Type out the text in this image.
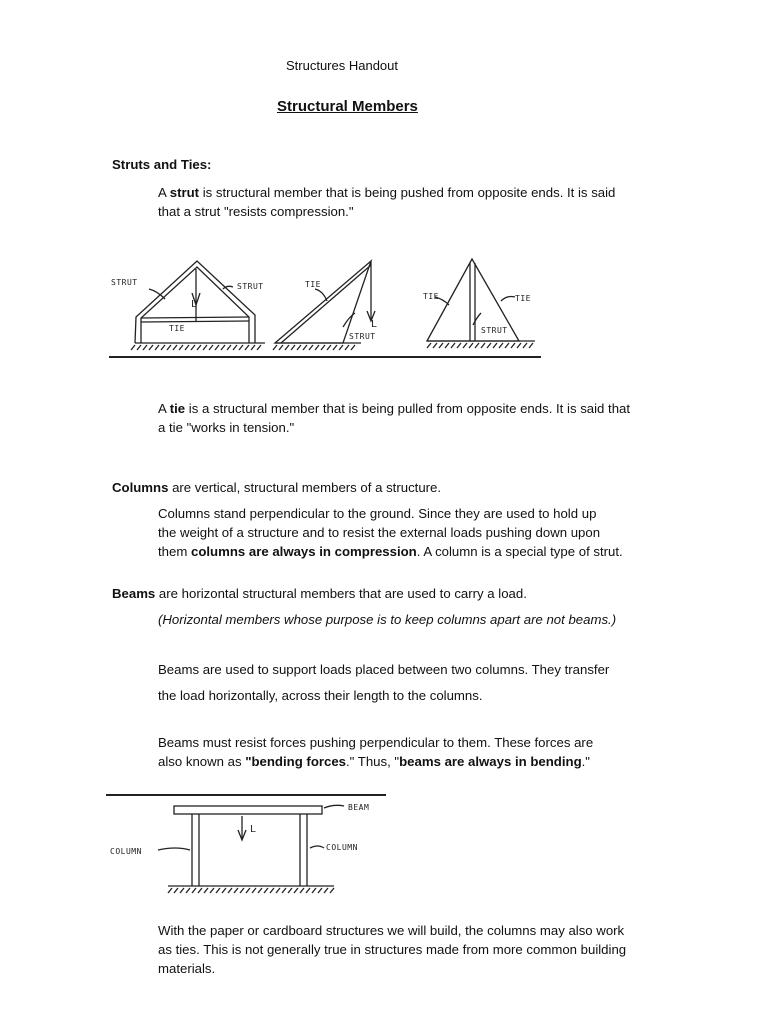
Structures Handout
Structural Members
Struts and Ties:
A strut is structural member that is being pushed from opposite ends. It is said
that a strut "resists compression."
STRUT	STRUT
TIE
L
TIE
STRUT
L
TIE	TIE
STRUT
A tie is a structural member that is being pulled from opposite ends. It is said that
a tie "works in tension."
Columns are vertical, structural members of a structure.
Columns stand perpendicular to the ground. Since they are used to hold up
the weight of a structure and to resist the external loads pushing down upon
them columns are always in compression. A column is a special type of strut.
Beams are horizontal structural members that are used to carry a load.
(Horizontal members whose purpose is to keep columns apart are not beams.)
Beams are used to support loads placed between two columns. They transfer
the load horizontally, across their length to the columns.
Beams must resist forces pushing perpendicular to them. These forces are
also known as "bending forces." Thus, "beams are always in bending."
BEAM
COLUMN	COLUMN
L
With the paper or cardboard structures we will build, the columns may also work
as ties. This is not generally true in structures made from more common building
materials.
